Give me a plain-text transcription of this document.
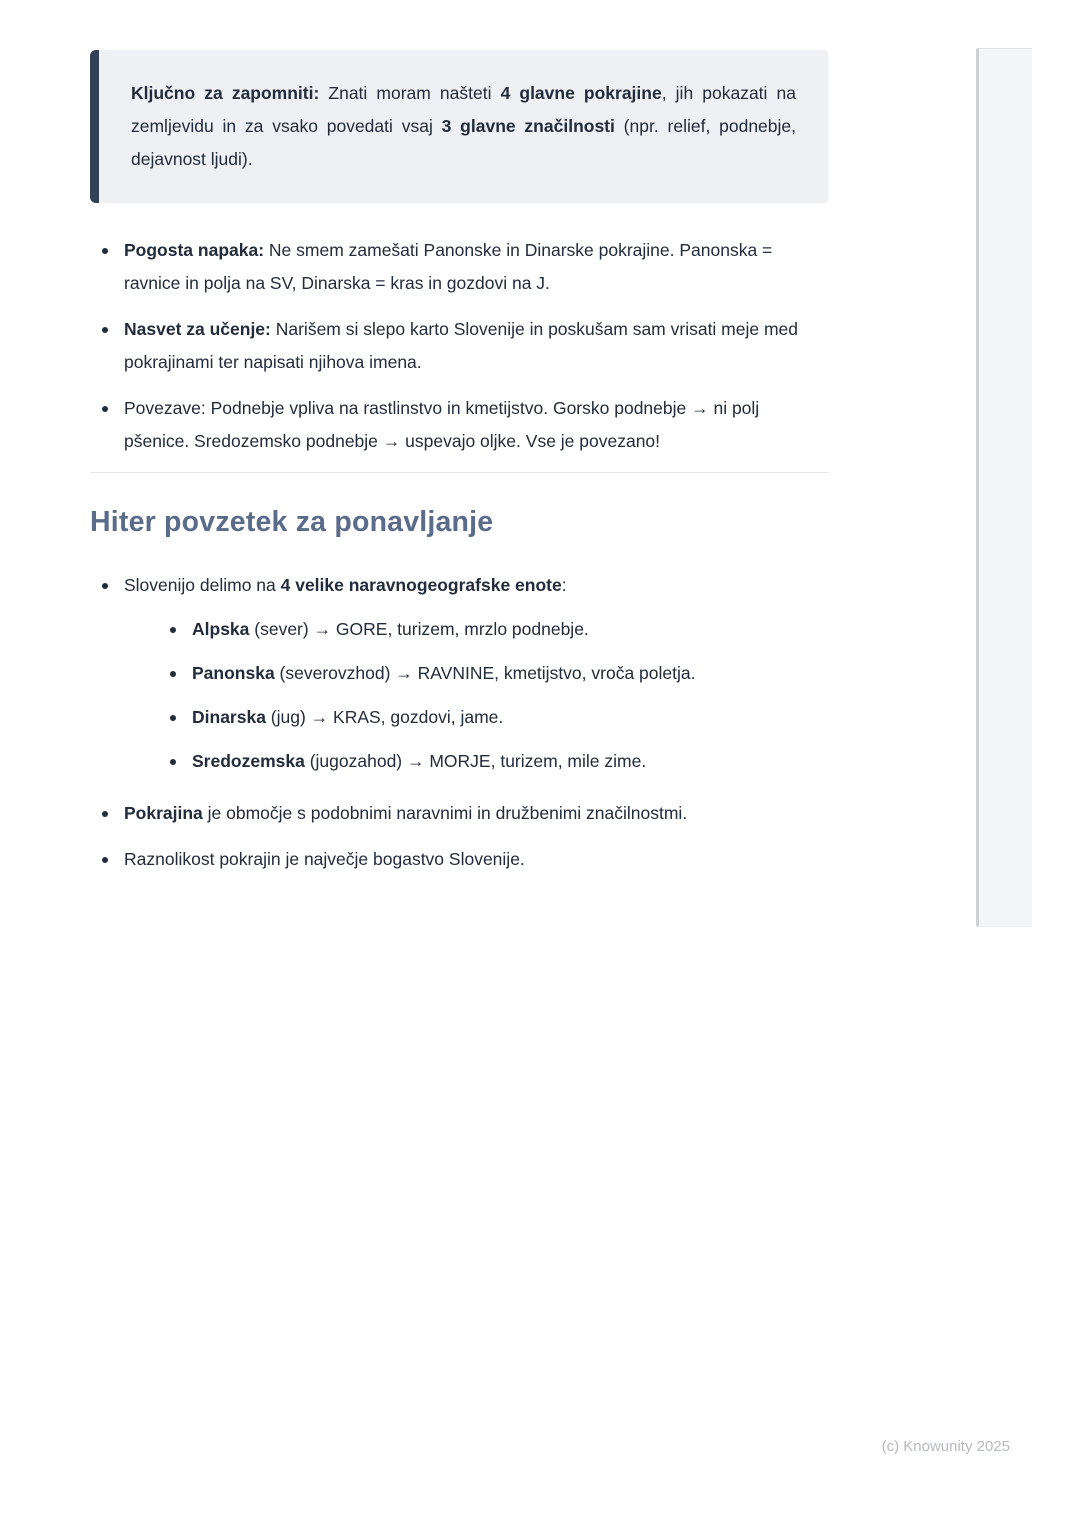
Ključno za zapomniti: Znati moram našteti 4 glavne pokrajine, jih pokazati na zemljevidu in za vsako povedati vsaj 3 glavne značilnosti (npr. relief, podnebje, dejavnost ljudi).

Pogosta napaka: Ne smem zamešati Panonske in Dinarske pokrajine. Panonska = ravnice in polja na SV, Dinarska = kras in gozdovi na J.
Nasvet za učenje: Narišem si slepo karto Slovenije in poskušam sam vrisati meje med pokrajinami ter napisati njihova imena.
Povezave: Podnebje vpliva na rastlinstvo in kmetijstvo. Gorsko podnebje → ni polj pšenice. Sredozemsko podnebje → uspevajo oljke. Vse je povezano!
Hiter povzetek za ponavljanje
Slovenijo delimo na 4 velike naravnogeografske enote:
Alpska (sever) → GORE, turizem, mrzlo podnebje.
Panonska (severovzhod) → RAVNINE, kmetijstvo, vroča poletja.
Dinarska (jug) → KRAS, gozdovi, jame.
Sredozemska (jugozahod) → MORJE, turizem, mile zime.
Pokrajina je območje s podobnimi naravnimi in družbenimi značilnostmi.
Raznolikost pokrajin je največje bogastvo Slovenije.
(c) Knowunity 2025
